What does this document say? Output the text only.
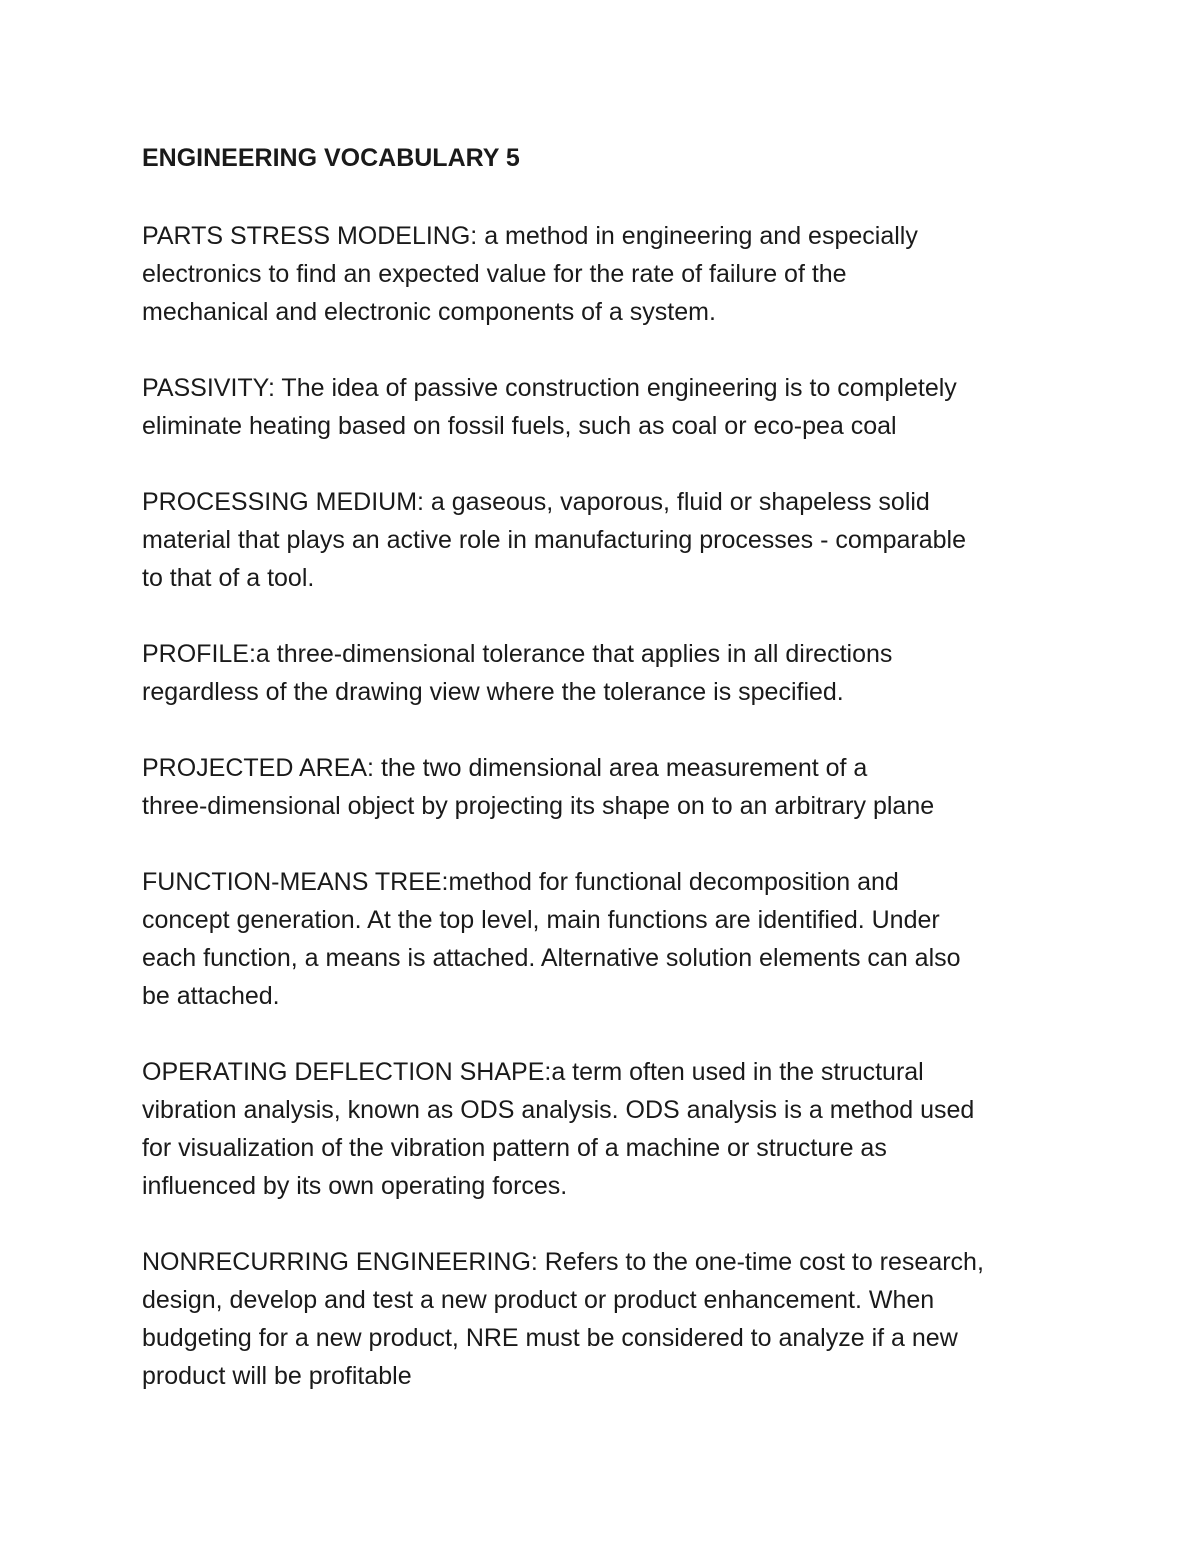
ENGINEERING VOCABULARY 5

PARTS STRESS MODELING: a method in engineering and especially

electronics to find an expected value for the rate of failure of the

mechanical and electronic components of a system.

PASSIVITY: The idea of passive construction engineering is to completely

eliminate heating based on fossil fuels, such as coal or eco-pea coal

PROCESSING MEDIUM: a gaseous, vaporous, fluid or shapeless solid

material that plays an active role in manufacturing processes - comparable

to that of a tool.

PROFILE:a three-dimensional tolerance that applies in all directions

regardless of the drawing view where the tolerance is specified.

PROJECTED AREA: the two dimensional area measurement of a

three-dimensional object by projecting its shape on to an arbitrary plane

FUNCTION-MEANS TREE:method for functional decomposition and

concept generation. At the top level, main functions are identified. Under

each function, a means is attached. Alternative solution elements can also

be attached.

OPERATING DEFLECTION SHAPE:a term often used in the structural

vibration analysis, known as ODS analysis. ODS analysis is a method used

for visualization of the vibration pattern of a machine or structure as

influenced by its own operating forces.

NONRECURRING ENGINEERING: Refers to the one-time cost to research,

design, develop and test a new product or product enhancement. When

budgeting for a new product, NRE must be considered to analyze if a new

product will be profitable
